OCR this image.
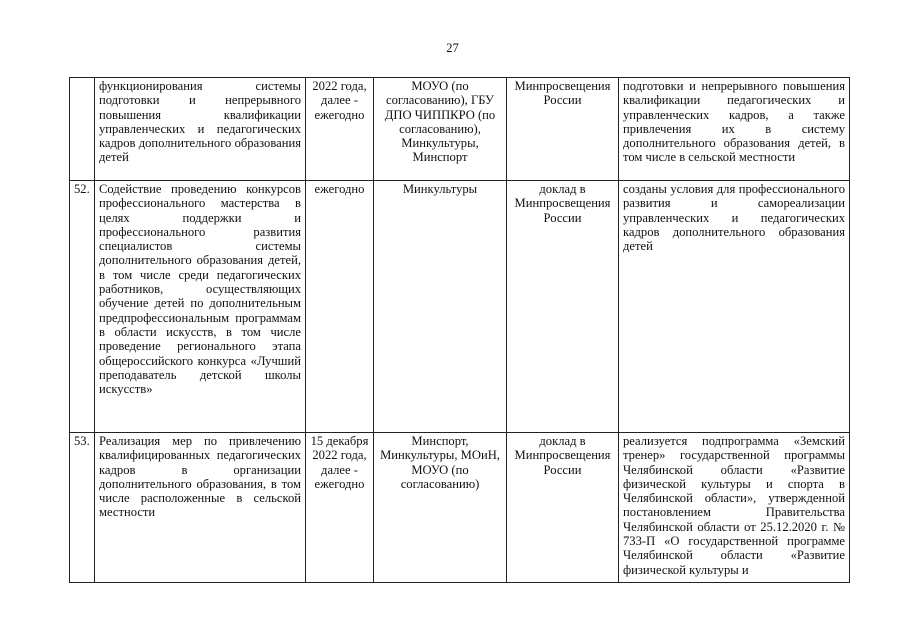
27
	функционирования системы подготовки и непрерывного повышения квалификации управленческих и педагогических кадров дополнительного образования детей	2022 года, далее - ежегодно	МОУО (по согласованию), ГБУ ДПО ЧИППКРО (по согласованию), Минкультуры, Минспорт	Минпросвещения России	подготовки и непрерывного повышения квалификации педагогических и управленческих кадров, а также привлечения их в систему дополнительного образования детей, в том числе в сельской местности
52.	Содействие проведению конкурсов профессионального мастерства в целях поддержки и профессионального развития специалистов системы дополнительного образования детей, в том числе среди педагогических работников, осуществляющих обучение детей по дополнительным предпрофессиональным программам в области искусств, в том числе проведение регионального этапа общероссийского конкурса «Лучший преподаватель детской школы искусств»	ежегодно	Минкультуры	доклад в Минпросвещения России	созданы условия для профессионального развития и самореализации управленческих и педагогических кадров дополнительного образования детей
53.	Реализация мер по привлечению квалифицированных педагогических кадров в организации дополнительного образования, в том числе расположенные в сельской местности	15 декабря 2022 года, далее - ежегодно	Минспорт, Минкультуры, МОиН, МОУО (по согласованию)	доклад в Минпросвещения России	реализуется подпрограмма «Земский тренер» государственной программы Челябинской области «Развитие физической культуры и спорта в Челябинской области», утвержденной постановлением Правительства Челябинской области от 25.12.2020 г. № 733-П «О государственной программе Челябинской области «Развитие физической культуры и
